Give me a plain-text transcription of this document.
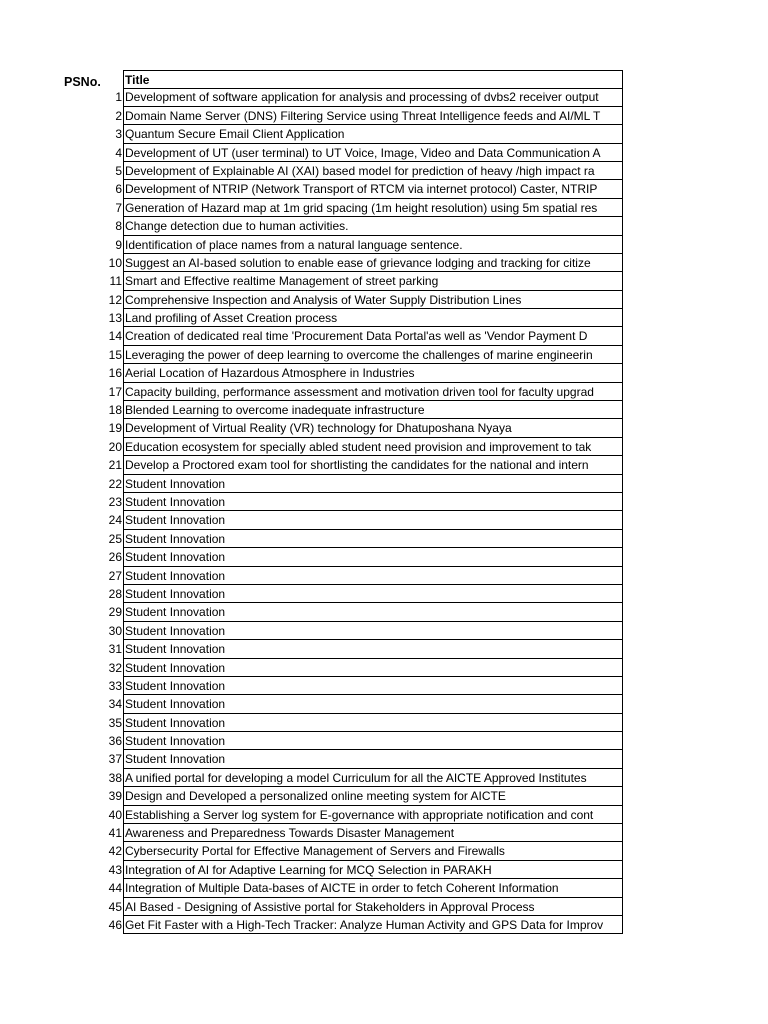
PSNo. Title
1 Development of software application for analysis and processing of dvbs2 receiver output
2 Domain Name Server (DNS) Filtering Service using Threat Intelligence feeds and AI/ML T
3 Quantum Secure Email Client Application
4 Development of UT (user terminal) to UT Voice, Image, Video and Data Communication A
5 Development of Explainable AI (XAI) based model for prediction of heavy /high impact ra
6 Development of NTRIP (Network Transport of RTCM via internet protocol) Caster, NTRIP
7 Generation of Hazard map at 1m grid spacing (1m height resolution) using 5m spatial res
8 Change detection due to human activities.
9 Identification of place names from a natural language sentence.
10 Suggest an AI-based solution to enable ease of grievance lodging and tracking for citize
11 Smart and Effective realtime Management of street parking
12 Comprehensive Inspection and Analysis of Water Supply Distribution Lines
13 Land profiling of Asset Creation process
14 Creation of dedicated real time 'Procurement Data Portal'as well as 'Vendor Payment D
15 Leveraging the power of deep learning to overcome the challenges of marine engineerin
16 Aerial Location of Hazardous Atmosphere in Industries
17 Capacity building, performance assessment and motivation driven tool for faculty upgrad
18 Blended Learning to overcome inadequate infrastructure
19 Development of Virtual Reality (VR) technology for Dhatuposhana Nyaya
20 Education ecosystem for specially abled student need provision and improvement to tak
21 Develop a Proctored exam tool for shortlisting the candidates for the national and intern
22 Student Innovation
23 Student Innovation
24 Student Innovation
25 Student Innovation
26 Student Innovation
27 Student Innovation
28 Student Innovation
29 Student Innovation
30 Student Innovation
31 Student Innovation
32 Student Innovation
33 Student Innovation
34 Student Innovation
35 Student Innovation
36 Student Innovation
37 Student Innovation
38 A unified portal for developing a model Curriculum for all the AICTE Approved Institutes
39 Design and Developed a personalized online meeting system for AICTE
40 Establishing a Server log system for E-governance with appropriate notification and cont
41 Awareness and Preparedness Towards Disaster Management
42 Cybersecurity Portal for Effective Management of Servers and Firewalls
43 Integration of AI for Adaptive Learning for MCQ Selection in PARAKH
44 Integration of Multiple Data-bases of AICTE in order to fetch Coherent Information
45 AI Based - Designing of Assistive portal for Stakeholders in Approval Process
46 Get Fit Faster with a High-Tech Tracker: Analyze Human Activity and GPS Data for Improv
